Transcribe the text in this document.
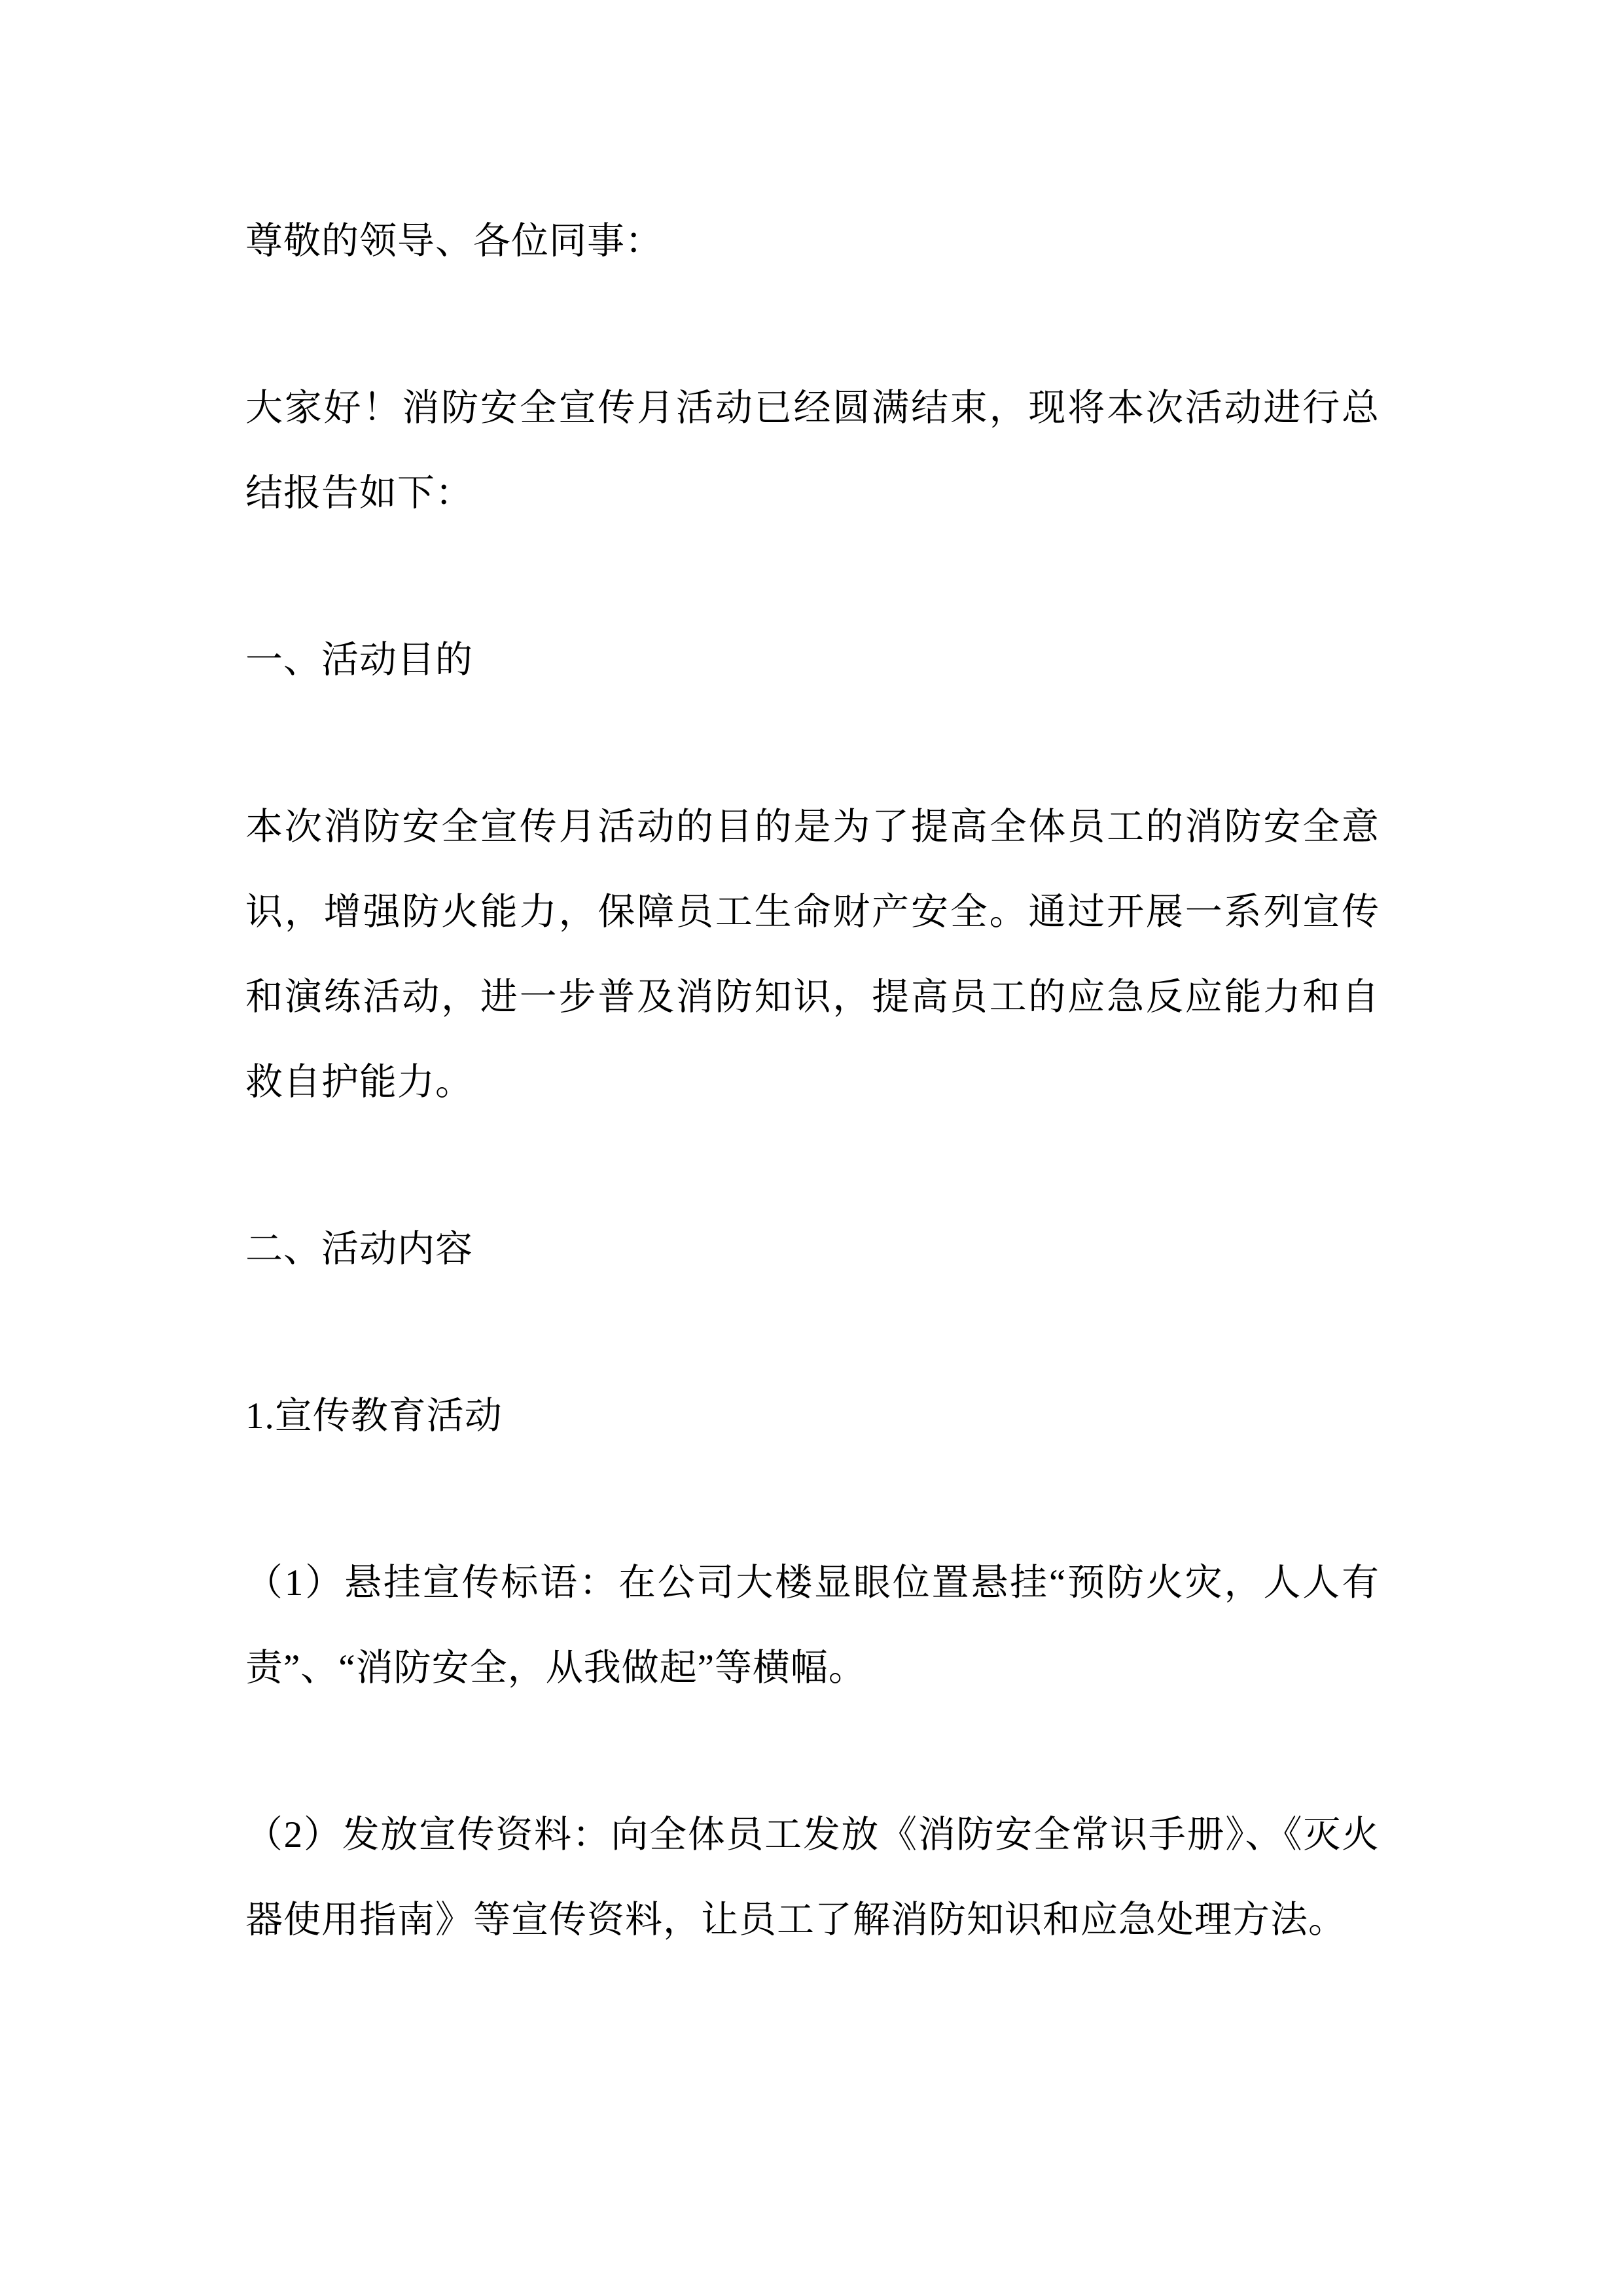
尊敬的领导、各位同事：

大家好！消防安全宣传月活动已经圆满结束，现将本次活动进行总结报告如下：

一、活动目的

本次消防安全宣传月活动的目的是为了提高全体员工的消防安全意识，增强防火能力，保障员工生命财产安全。通过开展一系列宣传和演练活动，进一步普及消防知识，提高员工的应急反应能力和自救自护能力。

二、活动内容

1.宣传教育活动

（1）悬挂宣传标语：在公司大楼显眼位置悬挂“预防火灾，人人有责”、“消防安全，从我做起”等横幅。

（2）发放宣传资料：向全体员工发放《消防安全常识手册》、《灭火器使用指南》等宣传资料，让员工了解消防知识和应急处理方法。
